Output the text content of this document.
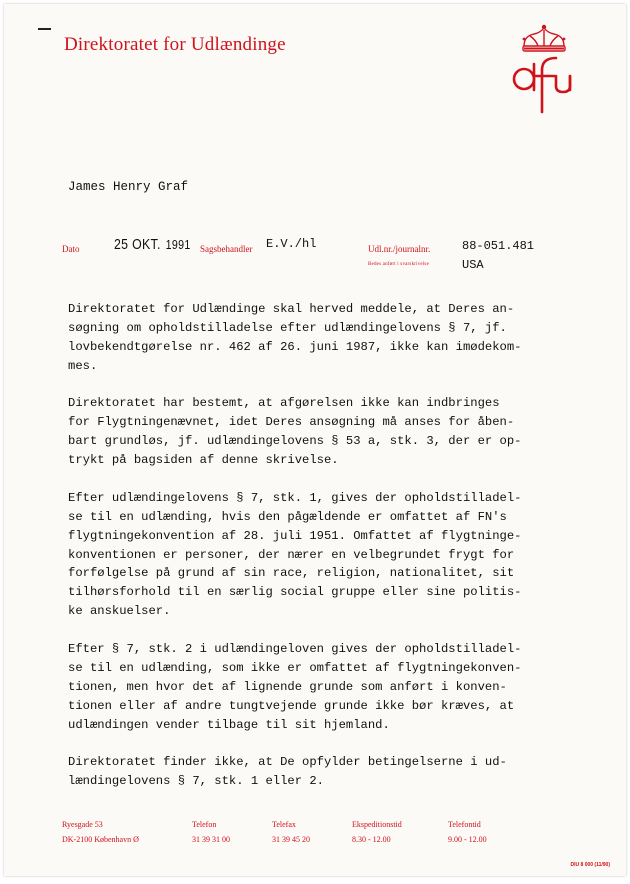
Direktoratet for Udlændinge
James Henry Graf
Dato 25 OKT. 1991 Sagsbehandler E.V./hl	Udl.nr./journalnr.
Bedes anført i svarskrivelse
88-051.481
USA
Direktoratet for Udlændinge skal herved meddele, at Deres an-
søgning om opholdstilladelse efter udlændingelovens § 7, jf.
lovbekendtgørelse nr. 462 af 26. juni 1987, ikke kan imødekom-
mes.
Direktoratet har bestemt, at afgørelsen ikke kan indbringes
for Flygtningenævnet, idet Deres ansøgning må anses for åben-
bart grundløs, jf. udlændingelovens § 53 a, stk. 3, der er op-
trykt på bagsiden af denne skrivelse.
Efter udlændingelovens § 7, stk. 1, gives der opholdstilladel-
se til en udlænding, hvis den pågældende er omfattet af FN's
flygtningekonvention af 28. juli 1951. Omfattet af flygtninge-
konventionen er personer, der nærer en velbegrundet frygt for
forfølgelse på grund af sin race, religion, nationalitet, sit
tilhørsforhold til en særlig social gruppe eller sine politis-
ke anskuelser.
Efter § 7, stk. 2 i udlændingeloven gives der opholdstilladel-
se til en udlænding, som ikke er omfattet af flygtningekonven-
tionen, men hvor det af lignende grunde som anført i konven-
tionen eller af andre tungtvejende grunde ikke bør kræves, at
udlændingen vender tilbage til sit hjemland.
Direktoratet finder ikke, at De opfylder betingelserne i ud-
lændingelovens § 7, stk. 1 eller 2.
Ryesgade 53
DK-2100 København Ø
Telefon
31 39 31 00
Telefax
31 39 45 20
Ekspeditionstid
8.30 - 12.00
Telefontid
9.00 - 12.00
DIU 8 000 (11/90)
